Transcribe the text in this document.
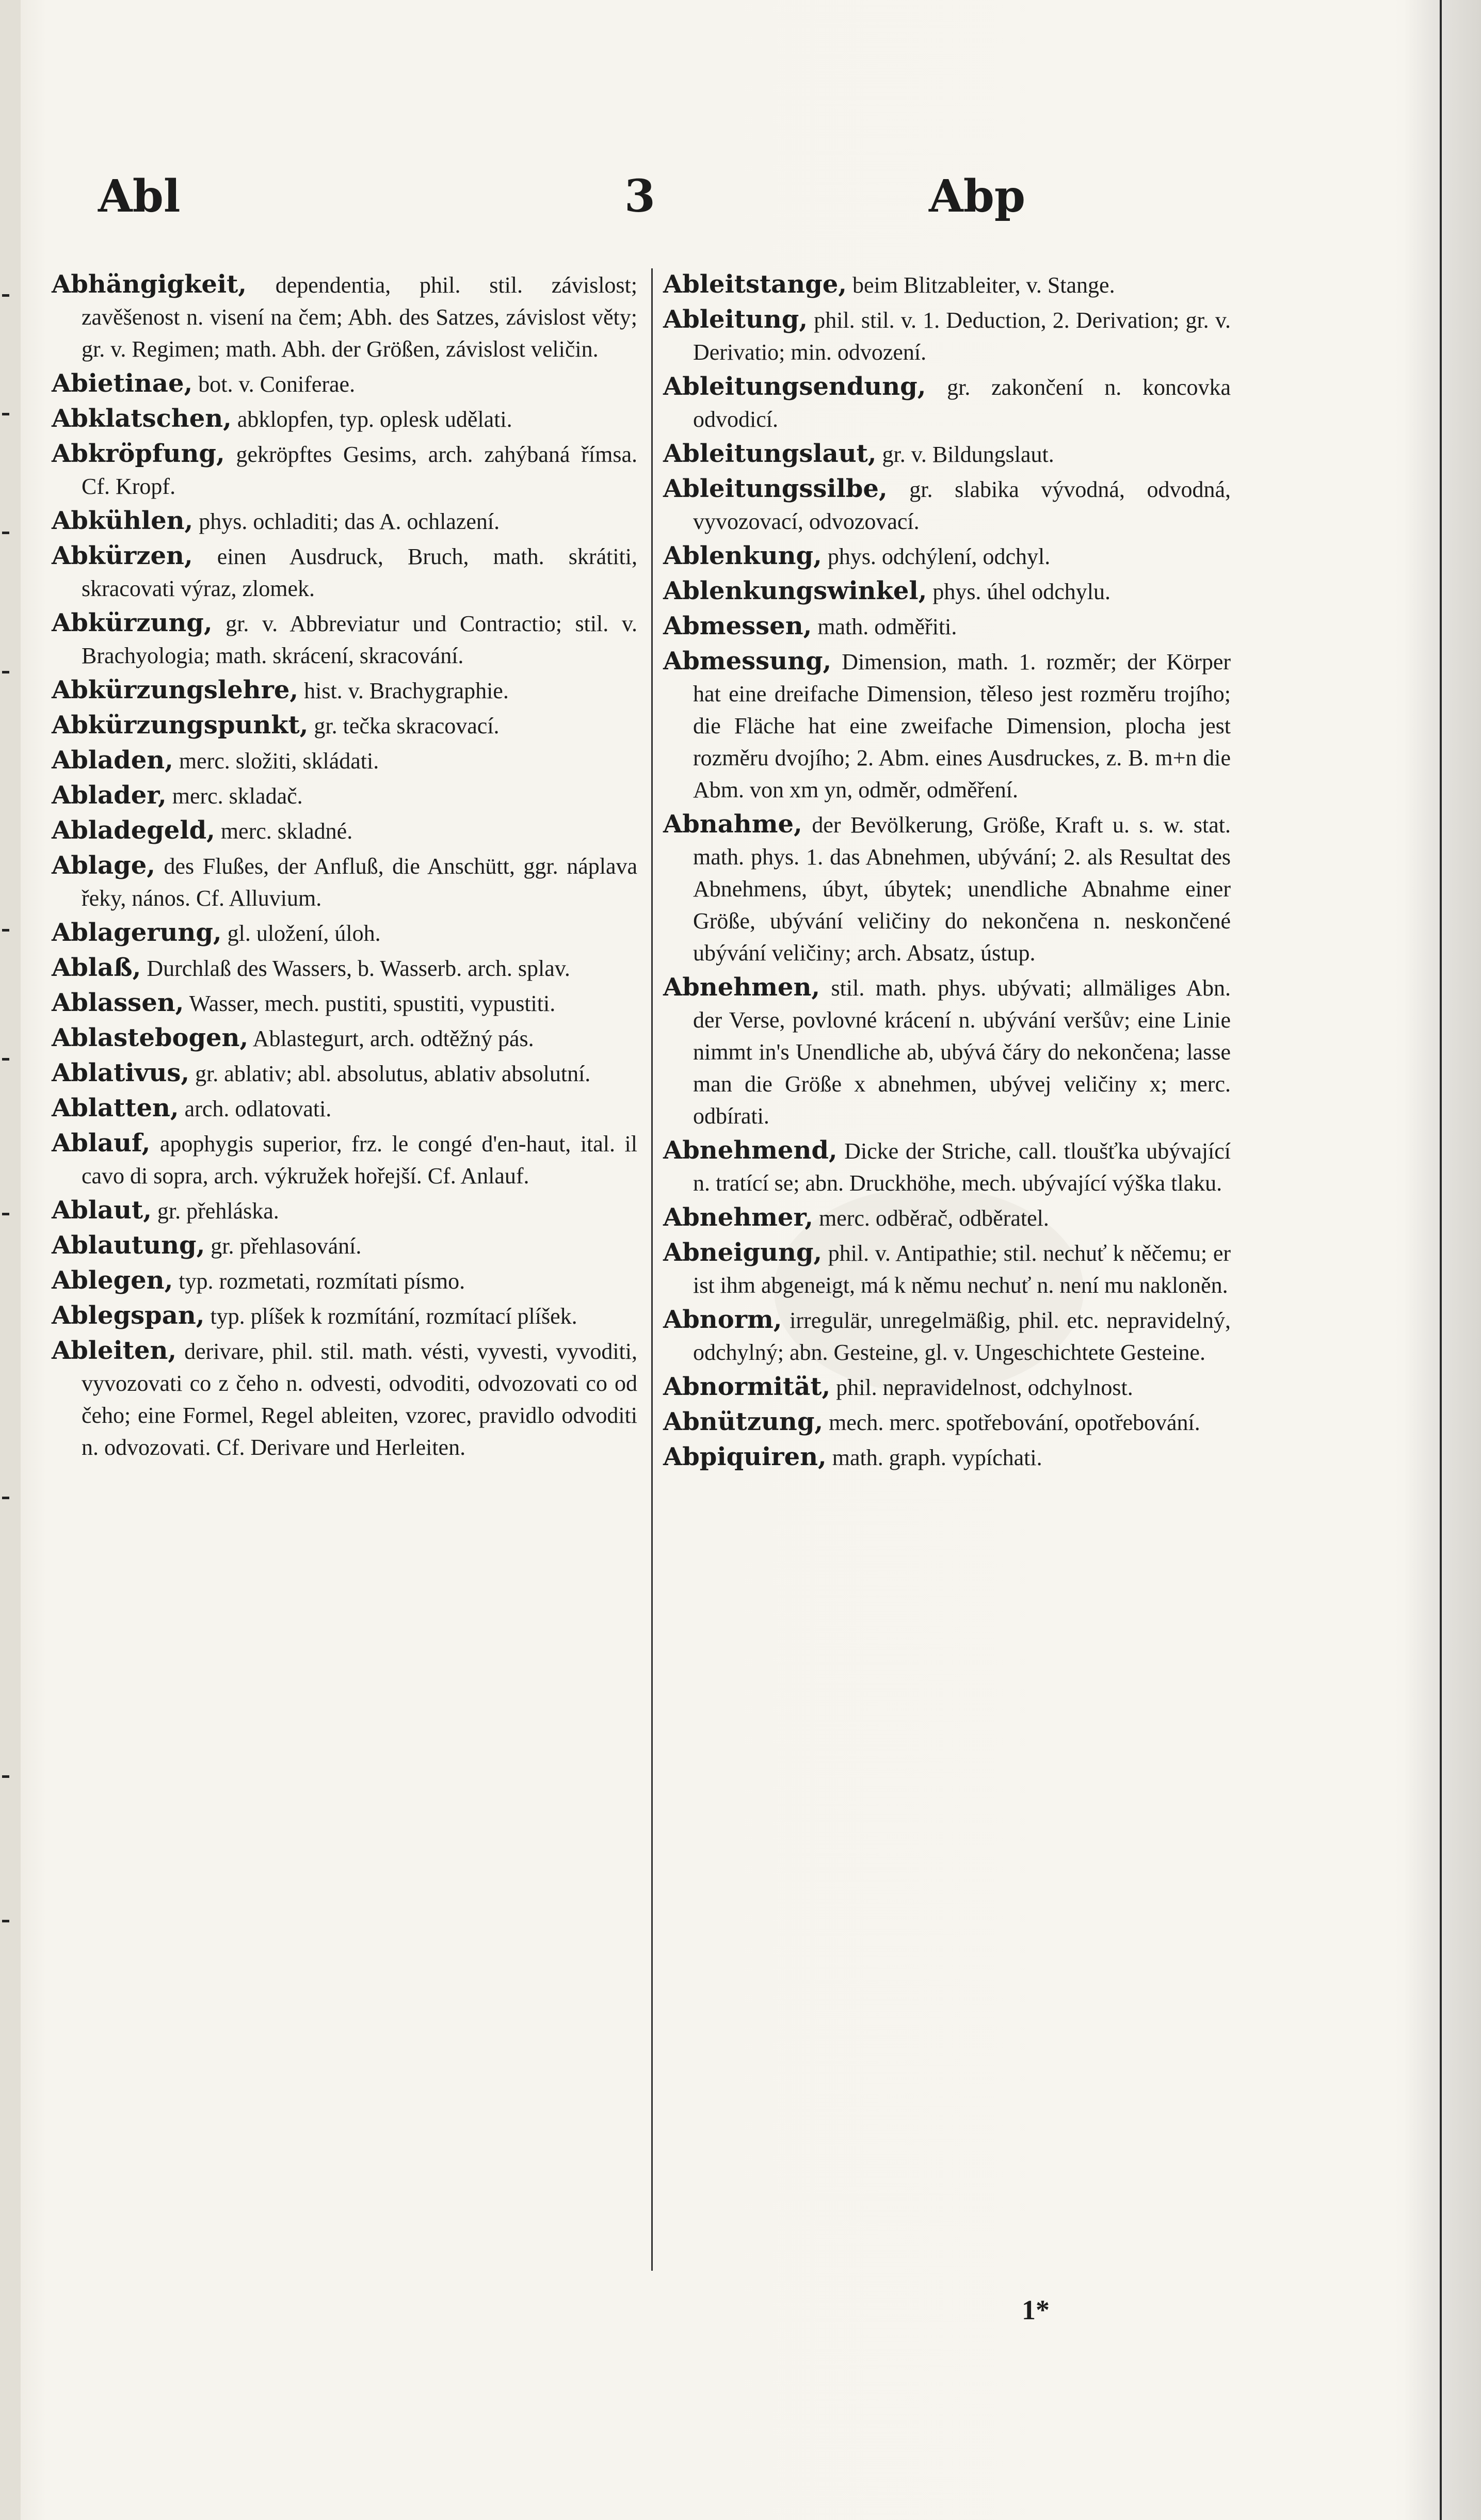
Abl	3	Abp
Abhängigkeit, dependentia, phil. stil. závislost; zavěšenost n. visení na čem; Abh. des Satzes, závislost věty; gr. v. Regimen; math. Abh. der Größen, závislost veličin.
Abietinae, bot. v. Coniferae.
Abklatschen, abklopfen, typ. oplesk udělati.
Abkröpfung, gekröpftes Gesims, arch. zahýbaná římsa. Cf. Kropf.
Abkühlen, phys. ochladiti; das A. ochlazení.
Abkürzen, einen Ausdruck, Bruch, math. skrátiti, skracovati výraz, zlomek.
Abkürzung, gr. v. Abbreviatur und Contractio; stil. v. Brachyologia; math. skrácení, skracování.
Abkürzungslehre, hist. v. Brachygraphie.
Abkürzungspunkt, gr. tečka skracovací.
Abladen, merc. složiti, skládati.
Ablader, merc. skladač.
Abladegeld, merc. skladné.
Ablage, des Flußes, der Anfluß, die Anschütt, ggr. náplava řeky, nános. Cf. Alluvium.
Ablagerung, gl. uložení, úloh.
Ablaß, Durchlaß des Wassers, b. Wasserb. arch. splav.
Ablassen, Wasser, mech. pustiti, spustiti, vypustiti.
Ablastebogen, Ablastegurt, arch. odtěžný pás.
Ablativus, gr. ablativ; abl. absolutus, ablativ absolutní.
Ablatten, arch. odlatovati.
Ablauf, apophygis superior, frz. le congé d'en-haut, ital. il cavo di sopra, arch. výkružek hořejší. Cf. Anlauf.
Ablaut, gr. přehláska.
Ablautung, gr. přehlasování.
Ablegen, typ. rozmetati, rozmítati písmo.
Ablegspan, typ. plíšek k rozmítání, rozmítací plíšek.
Ableiten, derivare, phil. stil. math. vésti, vyvesti, vyvoditi, vyvozovati co z čeho n. odvesti, odvoditi, odvozovati co od čeho; eine Formel, Regel ableiten, vzorec, pravidlo odvoditi n. odvozovati. Cf. Derivare und Herleiten.
Ableitstange, beim Blitzableiter, v. Stange.
Ableitung, phil. stil. v. 1. Deduction, 2. Derivation; gr. v. Derivatio; min. odvození.
Ableitungsendung, gr. zakončení n. koncovka odvodicí.
Ableitungslaut, gr. v. Bildungslaut.
Ableitungssilbe, gr. slabika vývodná, odvodná, vyvozovací, odvozovací.
Ablenkung, phys. odchýlení, odchyl.
Ablenkungswinkel, phys. úhel odchylu.
Abmessen, math. odměřiti.
Abmessung, Dimension, math. 1. rozměr; der Körper hat eine dreifache Dimension, těleso jest rozměru trojího; die Fläche hat eine zweifache Dimension, plocha jest rozměru dvojího; 2. Abm. eines Ausdruckes, z. B. m+n die Abm. von xm yn, odměr, odměření.
Abnahme, der Bevölkerung, Größe, Kraft u. s. w. stat. math. phys. 1. das Abnehmen, ubývání; 2. als Resultat des Abnehmens, úbyt, úbytek; unendliche Abnahme einer Größe, ubývání veličiny do nekončena n. neskončené ubývání veličiny; arch. Absatz, ústup.
Abnehmen, stil. math. phys. ubývati; allmäliges Abn. der Verse, povlovné krácení n. ubývání veršův; eine Linie nimmt in's Unendliche ab, ubývá čáry do nekončena; lasse man die Größe x abnehmen, ubývej veličiny x; merc. odbírati.
Abnehmend, Dicke der Striche, call. tloušťka ubývající n. tratící se; abn. Druckhöhe, mech. ubývající výška tlaku.
Abnehmer, merc. odběrač, odběratel.
Abneigung, phil. v. Antipathie; stil. nechuť k něčemu; er ist ihm abgeneigt, má k němu nechuť n. není mu nakloněn.
Abnorm, irregulär, unregelmäßig, phil. etc. nepravidelný, odchylný; abn. Gesteine, gl. v. Ungeschichtete Gesteine.
Abnormität, phil. nepravidelnost, odchylnost.
Abnützung, mech. merc. spotřebování, opotřebování.
Abpiquiren, math. graph. vypíchati.
1*
